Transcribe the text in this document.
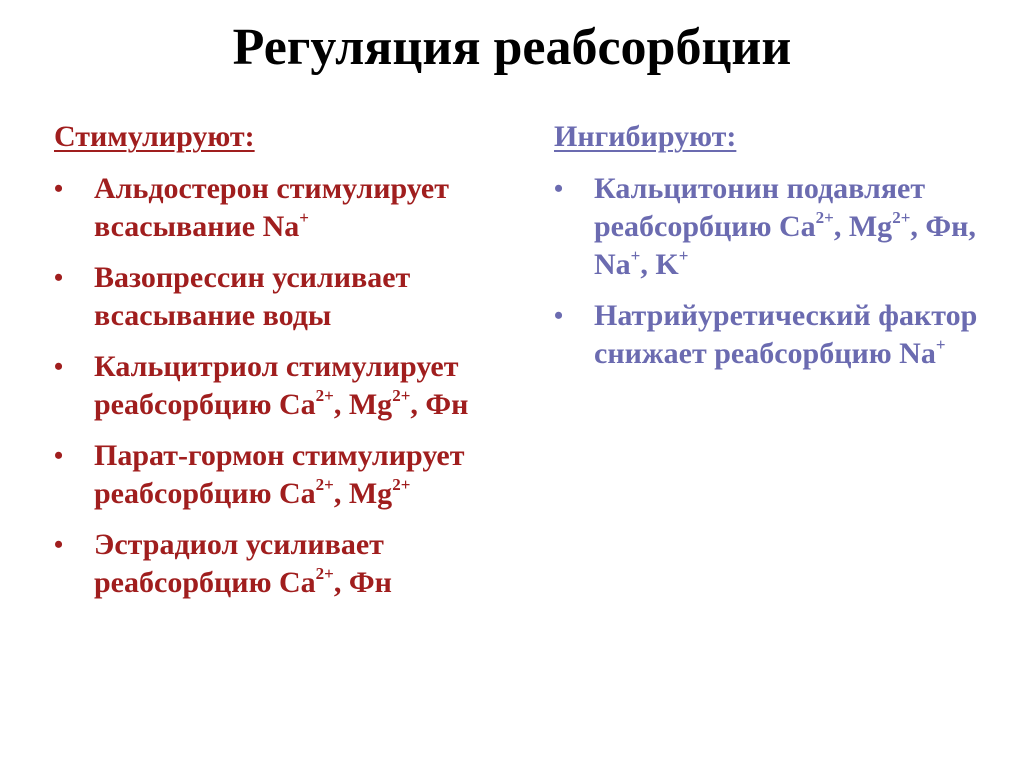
Регуляция реабсорбции
Стимулируют:
•	Альдостерон стимулирует всасывание Na+
•	Вазопрессин усиливает всасывание воды
•	Кальцитриол стимулирует реабсорбцию $Ca^{2+}$, $Mg^{2+}$, Фн
•	Парат-гормон стимулирует реабсорбцию $Ca^{2+}$, $Mg^{2+}$
•	Эстрадиол усиливает реабсорбцию $Ca^{2+}$, Фн
Ингибируют:
•	Кальцитонин подавляет реабсорбцию $Ca^{2+}$, $Mg^{2+}$, Фн, Na+, K+
•	Натрийуретический фактор снижает реабсорбцию Na+
